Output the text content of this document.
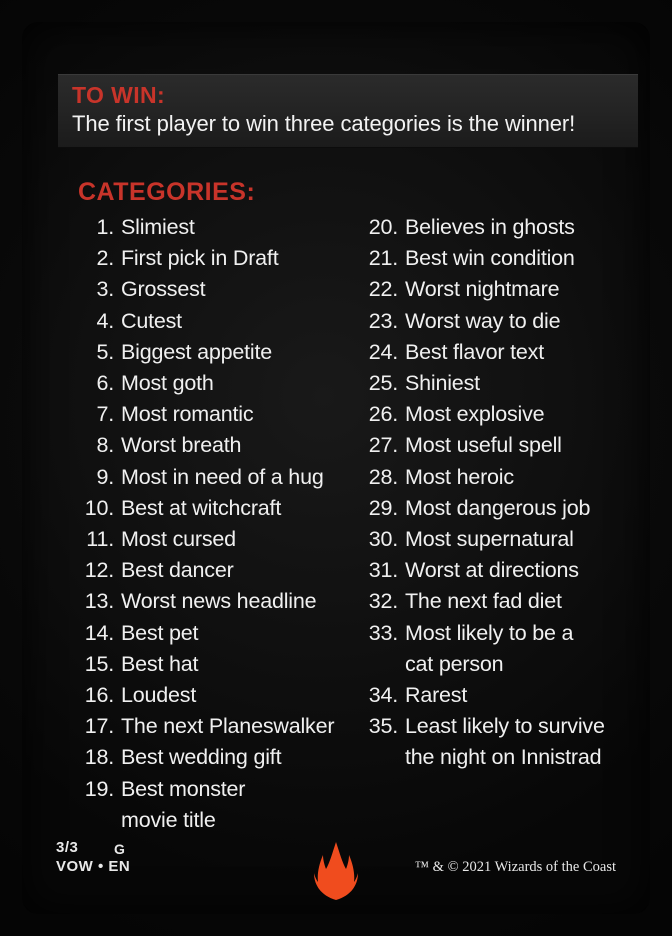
TO WIN:
The first player to win three categories is the winner!
CATEGORIES:
1. Slimiest
2. First pick in Draft
3. Grossest
4. Cutest
5. Biggest appetite
6. Most goth
7. Most romantic
8. Worst breath
9. Most in need of a hug
10. Best at witchcraft
11. Most cursed
12. Best dancer
13. Worst news headline
14. Best pet
15. Best hat
16. Loudest
17. The next Planeswalker
18. Best wedding gift
19. Best monster
movie title
20. Believes in ghosts
21. Best win condition
22. Worst nightmare
23. Worst way to die
24. Best flavor text
25. Shiniest
26. Most explosive
27. Most useful spell
28. Most heroic
29. Most dangerous job
30. Most supernatural
31. Worst at directions
32. The next fad diet
33. Most likely to be a
cat person
34. Rarest
35. Least likely to survive
the night on Innistrad
3/3
VOW • EN
G
™ & © 2021 Wizards of the Coast
